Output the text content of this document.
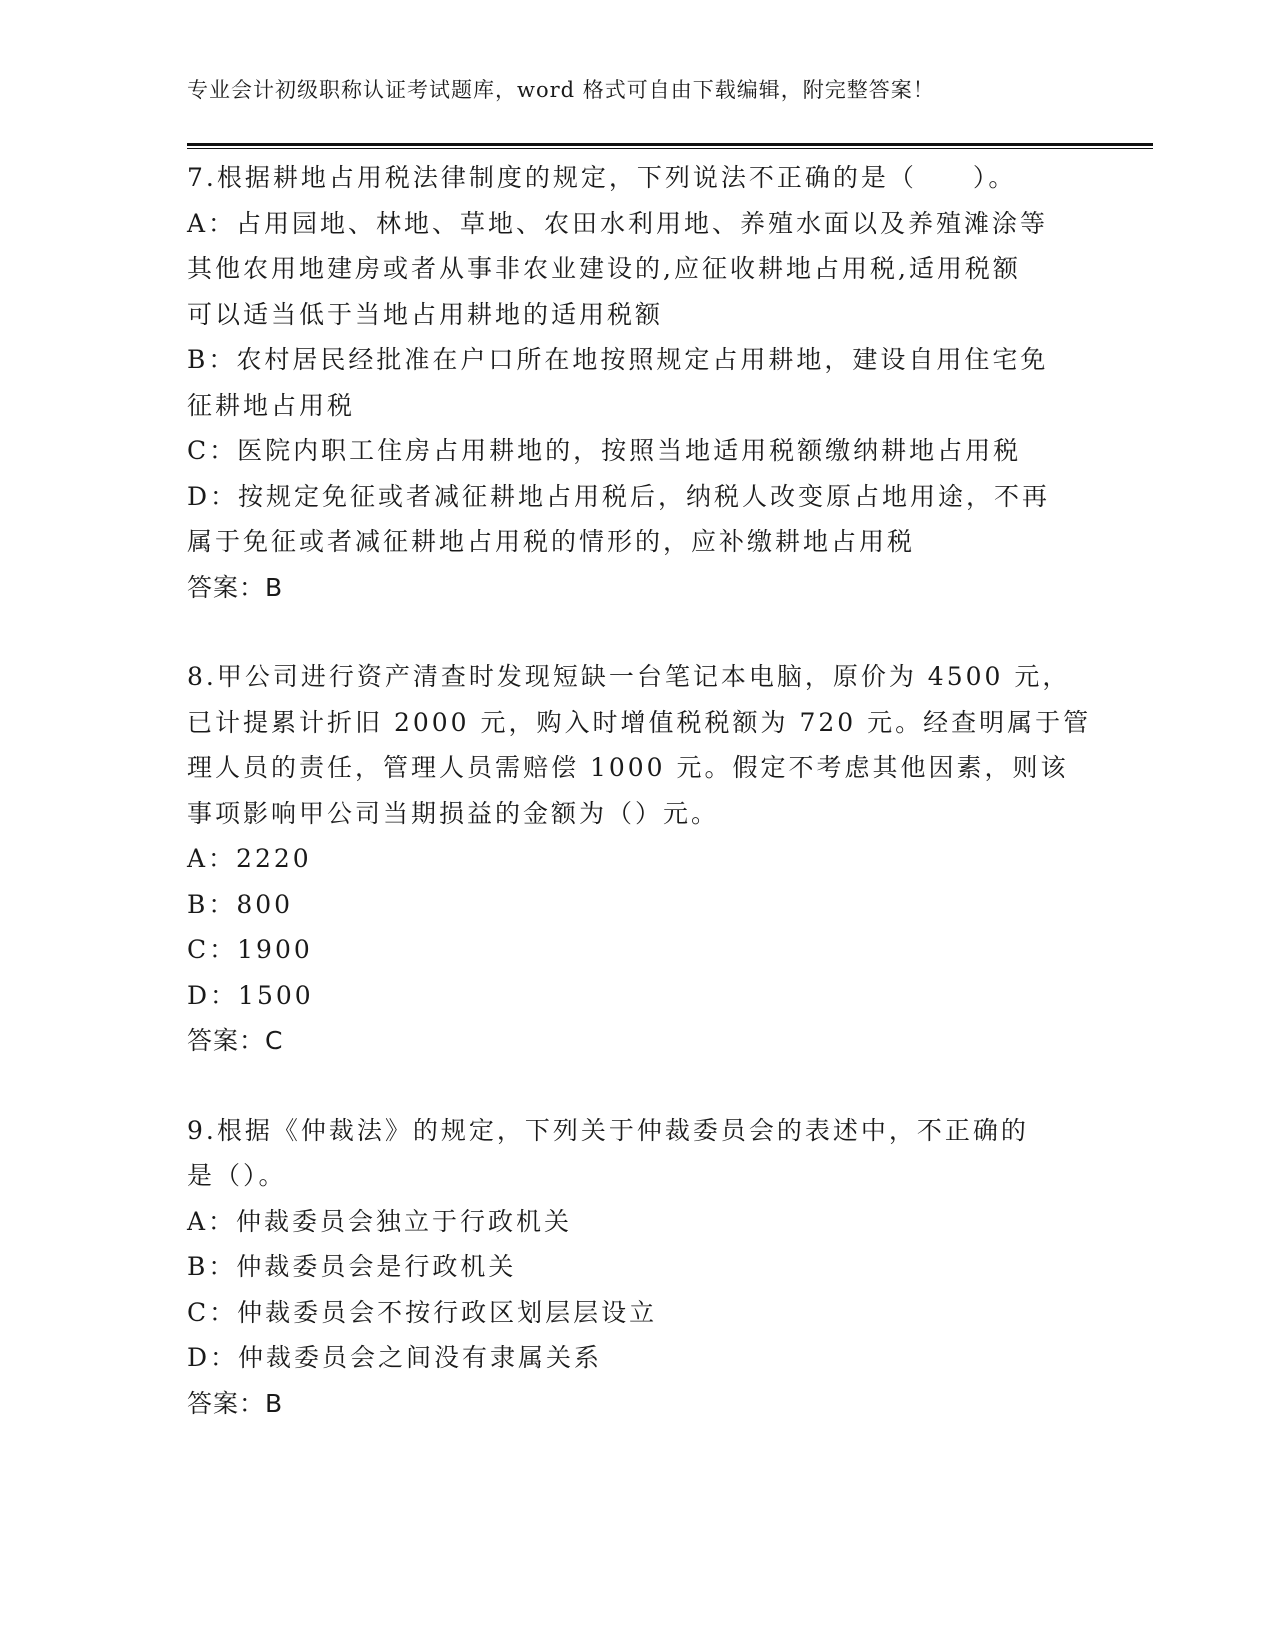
专业会计初级职称认证考试题库，word 格式可自由下载编辑，附完整答案！
7.根据耕地占用税法律制度的规定，下列说法不正确的是（　　）。
A：占用园地、林地、草地、农田水利用地、养殖水面以及养殖滩涂等
其他农用地建房或者从事非农业建设的,应征收耕地占用税,适用税额
可以适当低于当地占用耕地的适用税额
B：农村居民经批准在户口所在地按照规定占用耕地，建设自用住宅免
征耕地占用税
C：医院内职工住房占用耕地的，按照当地适用税额缴纳耕地占用税
D：按规定免征或者减征耕地占用税后，纳税人改变原占地用途，不再
属于免征或者减征耕地占用税的情形的，应补缴耕地占用税
答案：B
8.甲公司进行资产清查时发现短缺一台笔记本电脑，原价为 4500 元，
已计提累计折旧 2000 元，购入时增值税税额为 720 元。经查明属于管
理人员的责任，管理人员需赔偿 1000 元。假定不考虑其他因素，则该
事项影响甲公司当期损益的金额为（）元。
A：2220
B：800
C：1900
D：1500
答案：C
9.根据《仲裁法》的规定，下列关于仲裁委员会的表述中，不正确的
是（）。
A：仲裁委员会独立于行政机关
B：仲裁委员会是行政机关
C：仲裁委员会不按行政区划层层设立
D：仲裁委员会之间没有隶属关系
答案：B
